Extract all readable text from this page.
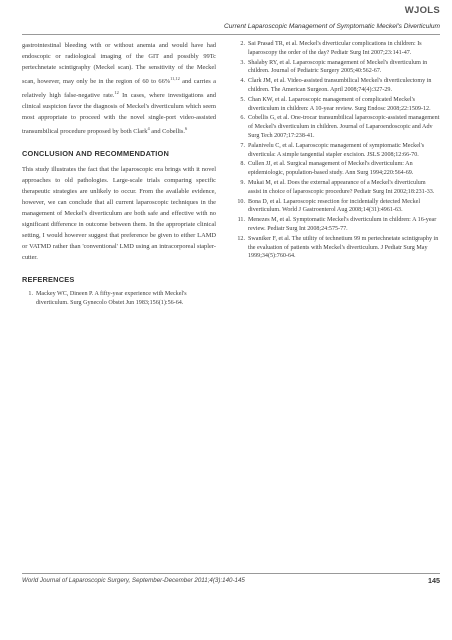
WJOLS
Current Laparoscopic Management of Symptomatic Meckel's Diverticulum

gastrointestinal bleeding with or without anemia and would have had endoscopic or radiological imaging of the GIT and possibly 99Tc pertechnetate scintigraphy (Meckel scan). The sensitivity of the Meckel scan, however, may only be in the region of 60 to 66%$^{11,12}$ and carries a relatively high false-negative rate.$^{12}$ In cases, where investigations and clinical suspicion favor the diagnosis of Meckel's diverticulum which seem most appropriate to proceed with the novel single-port video-assisted transumbilical procedure proposed by both Clark$^4$ and Cobellis.$^6$

CONCLUSION AND RECOMMENDATION

This study illustrates the fact that the laparoscopic era brings with it novel approaches to old pathologies. Large-scale trials comparing specific therapeutic strategies are unlikely to occur. From the available evidence, however, we can conclude that all current laparoscopic techniques in the management of Meckel's diverticulum are both safe and effective with no significant difference in outcome between them. In the appropriate clinical setting, I would however suggest that preference be given to either LAMD or VATMD rather than 'conventional' LMD using an intracorporeal stapler-cutter.

REFERENCES
1. Mackey WC, Dineen P. A fifty-year experience with Meckel's diverticulum. Surg Gynecolo Obstet Jun 1983;156(1):56-64.
2. Sai Prasad TR, et al. Meckel's diverticular complications in children: Is laparoscopy the order of the day? Pediatr Surg Int 2007;23:141-47.
3. Shalaby RY, et al. Laparoscopic management of Meckel's diverticulum in children. Journal of Pediatric Surgery 2005;40:562-67.
4. Clark JM, et al. Video-assisted transumbilical Meckel's diverticulectomy in children. The American Surgeon. April 2008;74(4):327-29.
5. Chan KW, et al. Laparoscopic management of complicated Meckel's diverticulum in children: A 10-year review. Surg Endosc 2008;22:1509-12.
6. Cobellis G, et al. One-trocar transumbilical laparoscopic-assisted management of Meckel's diverticulum in children. Journal of Laparoendoscopic and Adv Surg Tech 2007;17:238-41.
7. Palanivelu C, et al. Laparoscopic management of symptomatic Meckel's diverticula: A simple tangential stapler excision. JSLS 2008;12:66-70.
8. Cullen JJ, et al. Surgical management of Meckel's diverticulum: An epidemiologic, population-based study. Ann Surg 1994;220:564-69.
9. Mukai M, et al. Does the external appearance of a Meckel's diverticulum assist in choice of laparoscopic procedure? Pediatr Surg Int 2002;18:231-33.
10. Bona D, et al. Laparoscopic resection for incidentally detected Meckel diverticulum. World J Gastroenterol Aug 2008;14(31):4961-63.
11. Menezes M, et al. Symptomatic Meckel's diverticulum in children: A 16-year review. Pediatr Surg Int 2008;24:575-77.
12. Swaniker F, et al. The utility of technetium 99 m pertechnetate scintigraphy in the evaluation of patients with Meckel's diverticulum. J Pediatr Surg May 1999;34(5):760-64.
World Journal of Laparoscopic Surgery, September-December 2011;4(3):140-145	145
